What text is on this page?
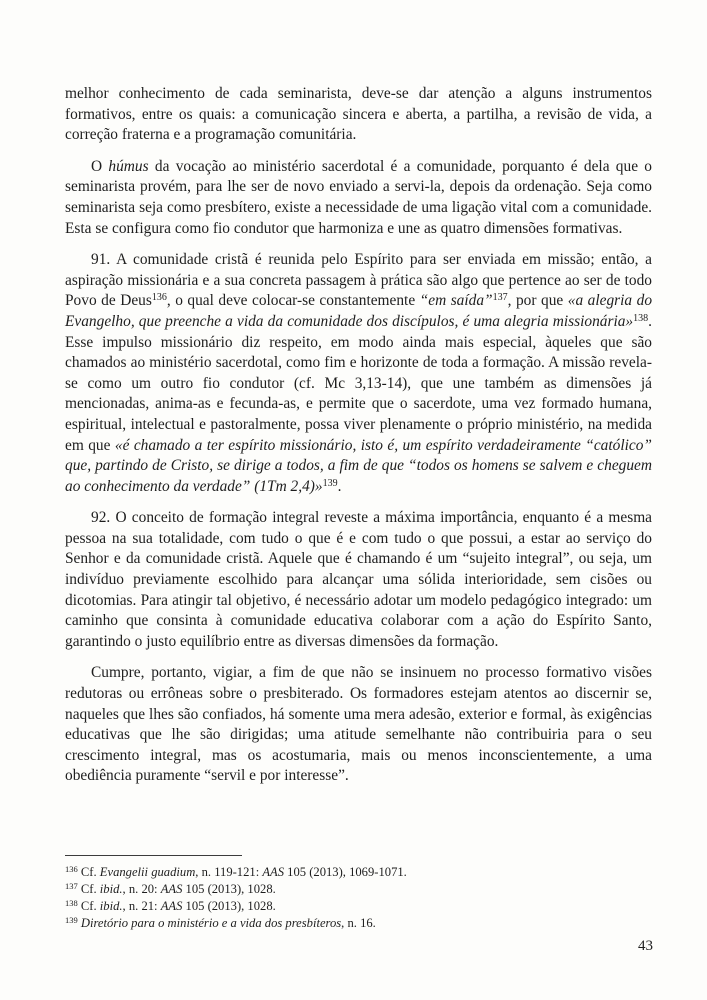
melhor conhecimento de cada seminarista, deve-se dar atenção a alguns instrumentos formativos, entre os quais: a comunicação sincera e aberta, a partilha, a revisão de vida, a correção fraterna e a programação comunitária.

O húmus da vocação ao ministério sacerdotal é a comunidade, porquanto é dela que o seminarista provém, para lhe ser de novo enviado a servi-la, depois da ordenação. Seja como seminarista seja como presbítero, existe a necessidade de uma ligação vital com a comunidade. Esta se configura como fio condutor que harmoniza e une as quatro dimensões formativas.

91. A comunidade cristã é reunida pelo Espírito para ser enviada em missão; então, a aspiração missionária e a sua concreta passagem à prática são algo que pertence ao ser de todo Povo de Deus$^{136}$, o qual deve colocar-se constantemente “em saída”$^{137}$, por que «a alegria do Evangelho, que preenche a vida da comunidade dos discípulos, é uma alegria missionária»$^{138}$. Esse impulso missionário diz respeito, em modo ainda mais especial, àqueles que são chamados ao ministério sacerdotal, como fim e horizonte de toda a formação. A missão revela-se como um outro fio condutor (cf. Mc 3,13-14), que une também as dimensões já mencionadas, anima-as e fecunda-as, e permite que o sacerdote, uma vez formado humana, espiritual, intelectual e pastoralmente, possa viver plenamente o próprio ministério, na medida em que «é chamado a ter espírito missionário, isto é, um espírito verdadeiramente “católico” que, partindo de Cristo, se dirige a todos, a fim de que “todos os homens se salvem e cheguem ao conhecimento da verdade” (1Tm 2,4)»$^{139}$.

92. O conceito de formação integral reveste a máxima importância, enquanto é a mesma pessoa na sua totalidade, com tudo o que é e com tudo o que possui, a estar ao serviço do Senhor e da comunidade cristã. Aquele que é chamando é um “sujeito integral”, ou seja, um indivíduo previamente escolhido para alcançar uma sólida interioridade, sem cisões ou dicotomias. Para atingir tal objetivo, é necessário adotar um modelo pedagógico integrado: um caminho que consinta à comunidade educativa colaborar com a ação do Espírito Santo, garantindo o justo equilíbrio entre as diversas dimensões da formação.

Cumpre, portanto, vigiar, a fim de que não se insinuem no processo formativo visões redutoras ou errôneas sobre o presbiterado. Os formadores estejam atentos ao discernir se, naqueles que lhes são confiados, há somente uma mera adesão, exterior e formal, às exigências educativas que lhe são dirigidas; uma atitude semelhante não contribuiria para o seu crescimento integral, mas os acostumaria, mais ou menos inconscientemente, a uma obediência puramente “servil e por interesse”.

$^{136}$ Cf. Evangelii guadium, n. 119-121: AAS 105 (2013), 1069-1071.

$^{137}$ Cf. ibid., n. 20: AAS 105 (2013), 1028.

$^{138}$ Cf. ibid., n. 21: AAS 105 (2013), 1028.

$^{139}$ Diretório para o ministério e a vida dos presbíteros, n. 16.

43
